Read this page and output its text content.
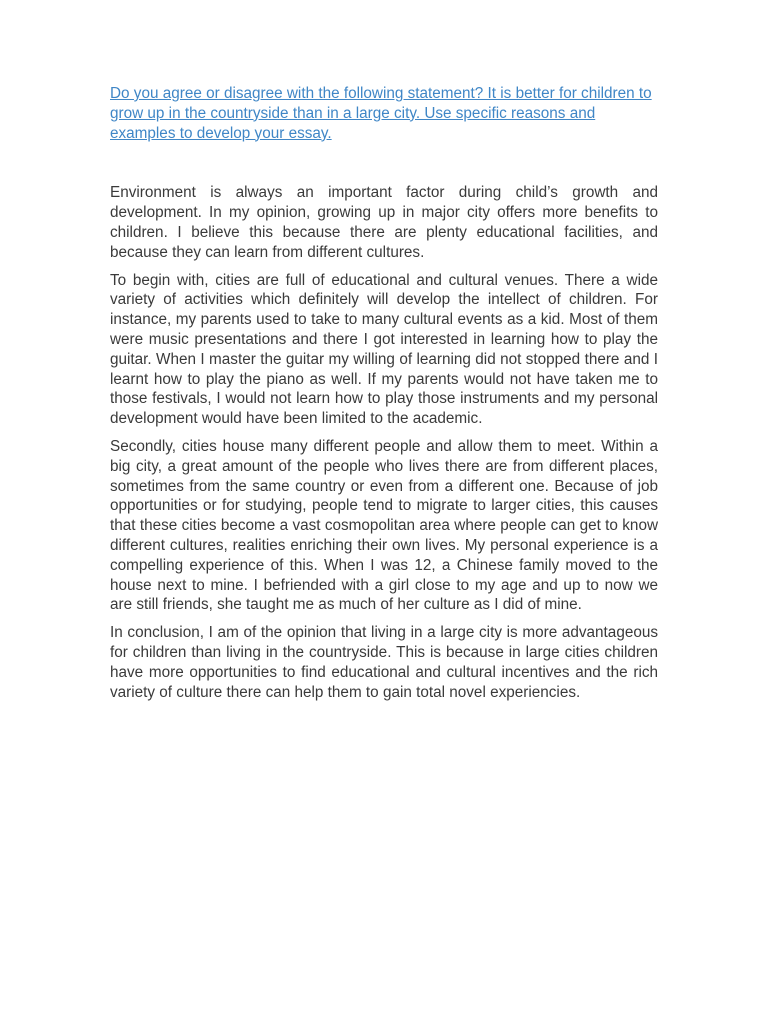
Do you agree or disagree with the following statement? It is better for children to grow up in the countryside than in a large city. Use specific reasons and examples to develop your essay.

Environment is always an important factor during child’s growth and development. In my opinion, growing up in major city offers more benefits to children. I believe this because there are plenty educational facilities, and because they can learn from different cultures.

To begin with, cities are full of educational and cultural venues. There a wide variety of activities which definitely will develop the intellect of children. For instance, my parents used to take to many cultural events as a kid. Most of them were music presentations and there I got interested in learning how to play the guitar. When I master the guitar my willing of learning did not stopped there and I learnt how to play the piano as well. If my parents would not have taken me to those festivals, I would not learn how to play those instruments and my personal development would have been limited to the academic.

Secondly, cities house many different people and allow them to meet. Within a big city, a great amount of the people who lives there are from different places, sometimes from the same country or even from a different one. Because of job opportunities or for studying, people tend to migrate to larger cities, this causes that these cities become a vast cosmopolitan area where people can get to know different cultures, realities enriching their own lives. My personal experience is a compelling experience of this. When I was 12, a Chinese family moved to the house next to mine. I befriended with a girl close to my age and up to now we are still friends, she taught me as much of her culture as I did of mine.

In conclusion, I am of the opinion that living in a large city is more advantageous for children than living in the countryside. This is because in large cities children have more opportunities to find educational and cultural incentives and the rich variety of culture there can help them to gain total novel experiencies.
